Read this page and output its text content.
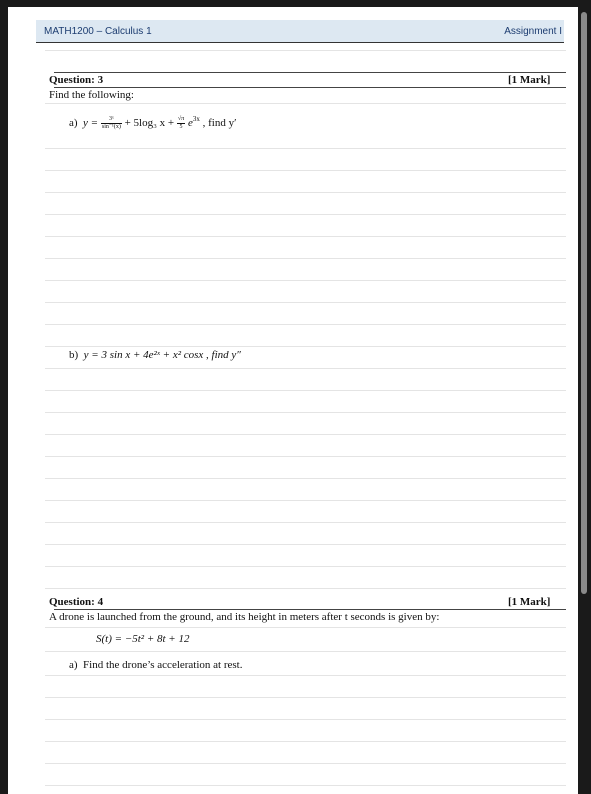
MATH1200 – Calculus 1	Assignment I
Question: 3	[1 Mark]
Find the following:
a) $y = \frac{\text{3ˣ}}{\text{sin⁻¹(x)}} + 5\log_3$ $x + \frac{√\pi}{5} e^{3x}$ , find y′
b) y = 3 sin x + 4e²ˣ + x² cosx , find y″
Question: 4	[1 Mark]
A drone is launched from the ground, and its height in meters after t seconds is given by:
S(t) = −5t² + 8t + 12
a) Find the drone’s acceleration at rest.
